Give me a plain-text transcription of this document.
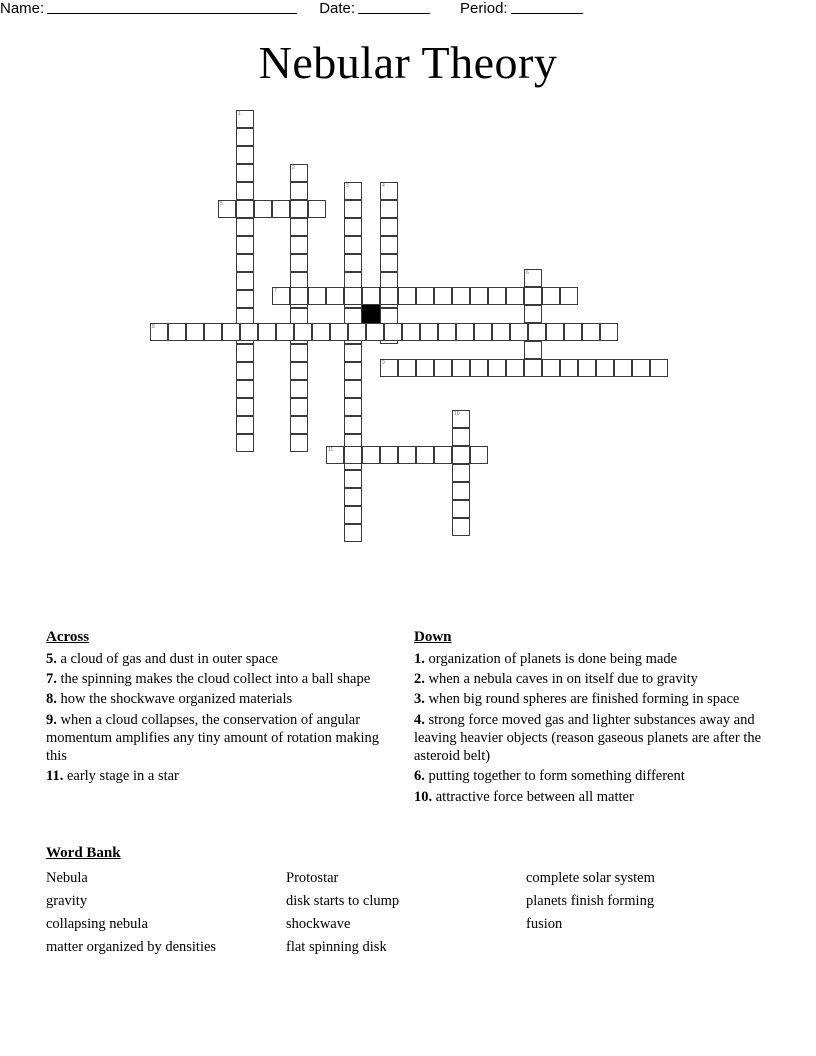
Name:	Date:	Period:
Nebular Theory
1
2
3	4
5
6
7
8
9
10
11
Across
5. a cloud of gas and dust in outer space
7. the spinning makes the cloud collect into a ball shape
8. how the shockwave organized materials
9. when a cloud collapses, the conservation of angular momentum amplifies any tiny amount of rotation making this
11. early stage in a star
Down
1. organization of planets is done being made
2. when a nebula caves in on itself due to gravity
3. when big round spheres are finished forming in space
4. strong force moved gas and lighter substances away and leaving heavier objects (reason gaseous planets are after the asteroid belt)
6. putting together to form something different
10. attractive force between all matter
Word Bank
Nebula
gravity
collapsing nebula
matter organized by densities
Protostar
disk starts to clump
shockwave
flat spinning disk
complete solar system
planets finish forming
fusion
